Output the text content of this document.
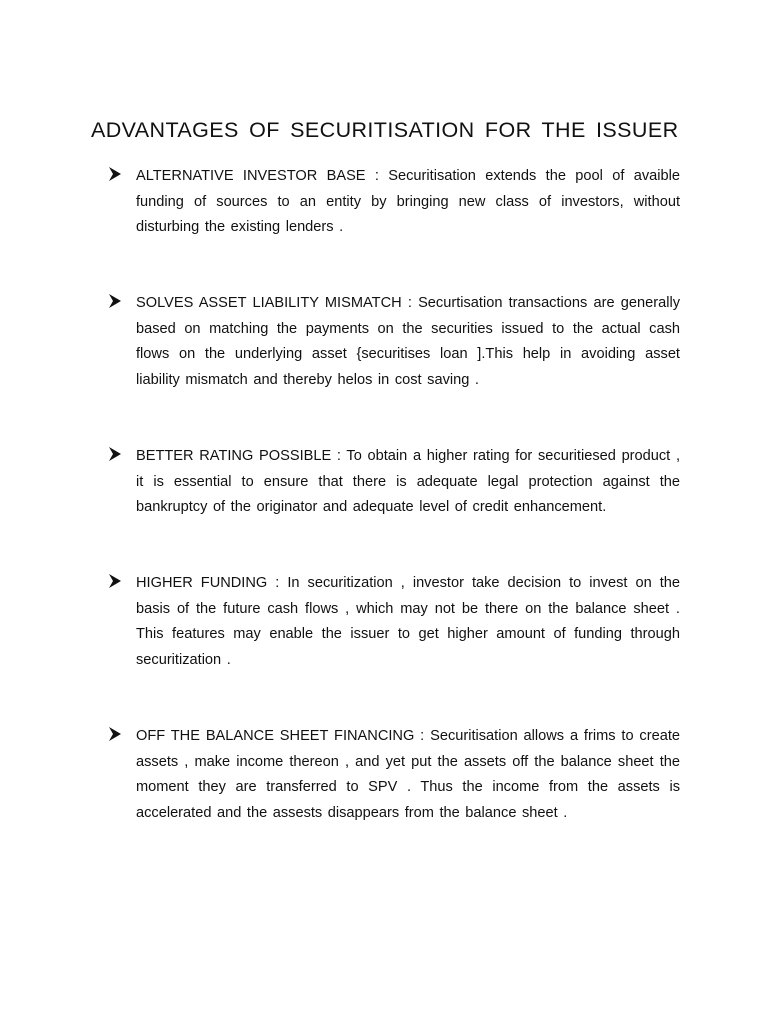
ADVANTAGES OF SECURITISATION FOR THE ISSUER
ALTERNATIVE INVESTOR BASE : Securitisation extends the pool of avaible funding of sources to an entity by bringing new class of investors, without disturbing the existing lenders .
SOLVES ASSET LIABILITY MISMATCH : Securtisation transactions are generally based on matching the payments on the securities issued to the actual cash flows on the underlying asset {securitises loan ].This help in avoiding asset liability mismatch and thereby helos in cost saving .
BETTER RATING POSSIBLE : To obtain a higher rating for securitiesed product , it is essential to ensure that there is adequate legal protection against the bankruptcy of the originator and adequate level of credit enhancement.
HIGHER FUNDING : In securitization , investor take decision to invest on the basis of the future cash flows , which may not be there on the balance sheet . This features may enable the issuer to get higher amount of funding through securitization .
OFF THE BALANCE SHEET FINANCING : Securitisation allows a frims to create assets , make income thereon , and yet put the assets off the balance sheet the moment they are transferred to SPV . Thus the income from the assets is accelerated and the assests disappears from the balance sheet .
